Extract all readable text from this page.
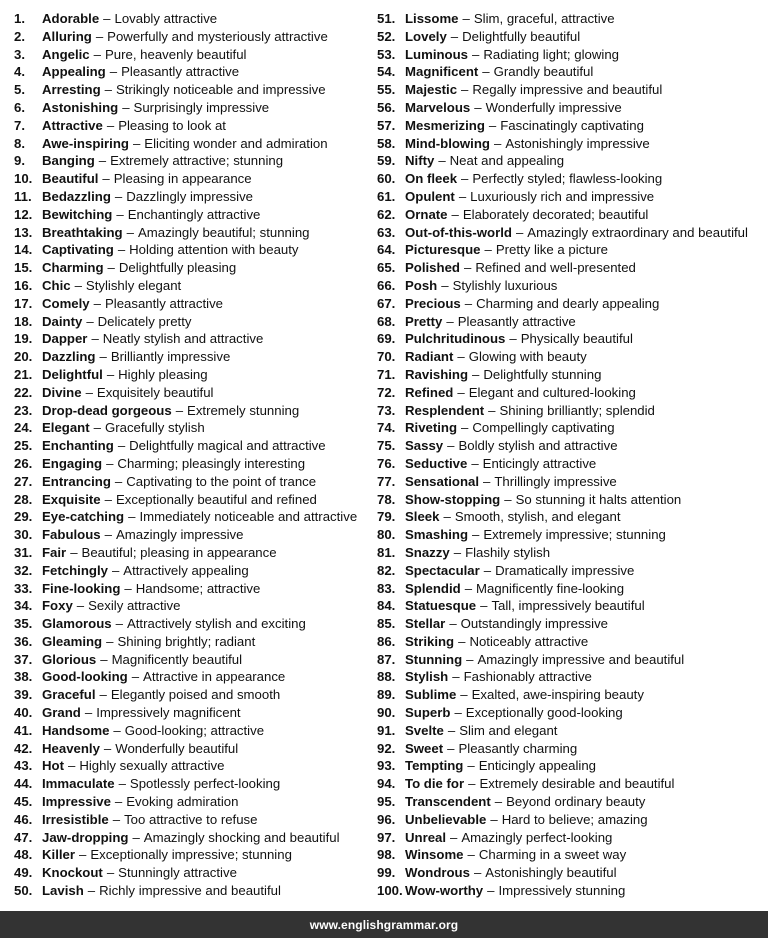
1.	Adorable – Lovably attractive
2.	Alluring – Powerfully and mysteriously attractive
3.	Angelic – Pure, heavenly beautiful
4.	Appealing – Pleasantly attractive
5.	Arresting – Strikingly noticeable and impressive
6.	Astonishing – Surprisingly impressive
7.	Attractive – Pleasing to look at
8.	Awe-inspiring – Eliciting wonder and admiration
9.	Banging – Extremely attractive; stunning
10. Beautiful – Pleasing in appearance
11. Bedazzling – Dazzlingly impressive
12. Bewitching – Enchantingly attractive
13. Breathtaking – Amazingly beautiful; stunning
14. Captivating – Holding attention with beauty
15. Charming – Delightfully pleasing
16. Chic – Stylishly elegant
17. Comely – Pleasantly attractive
18. Dainty – Delicately pretty
19. Dapper – Neatly stylish and attractive
20. Dazzling – Brilliantly impressive
21. Delightful – Highly pleasing
22. Divine – Exquisitely beautiful
23. Drop-dead gorgeous – Extremely stunning
24. Elegant – Gracefully stylish
25. Enchanting – Delightfully magical and attractive
26. Engaging – Charming; pleasingly interesting
27. Entrancing – Captivating to the point of trance
28. Exquisite – Exceptionally beautiful and refined
29. Eye-catching – Immediately noticeable and attractive
30. Fabulous – Amazingly impressive
31. Fair – Beautiful; pleasing in appearance
32. Fetchingly – Attractively appealing
33. Fine-looking – Handsome; attractive
34. Foxy – Sexily attractive
35. Glamorous – Attractively stylish and exciting
36. Gleaming – Shining brightly; radiant
37. Glorious – Magnificently beautiful
38. Good-looking – Attractive in appearance
39. Graceful – Elegantly poised and smooth
40. Grand – Impressively magnificent
41. Handsome – Good-looking; attractive
42. Heavenly – Wonderfully beautiful
43. Hot – Highly sexually attractive
44. Immaculate – Spotlessly perfect-looking
45. Impressive – Evoking admiration
46. Irresistible – Too attractive to refuse
47. Jaw-dropping – Amazingly shocking and beautiful
48. Killer – Exceptionally impressive; stunning
49. Knockout – Stunningly attractive
50. Lavish – Richly impressive and beautiful
51. Lissome – Slim, graceful, attractive
52. Lovely – Delightfully beautiful
53. Luminous – Radiating light; glowing
54. Magnificent – Grandly beautiful
55. Majestic – Regally impressive and beautiful
56. Marvelous – Wonderfully impressive
57. Mesmerizing – Fascinatingly captivating
58. Mind-blowing – Astonishingly impressive
59. Nifty – Neat and appealing
60. On fleek – Perfectly styled; flawless-looking
61. Opulent – Luxuriously rich and impressive
62. Ornate – Elaborately decorated; beautiful
63. Out-of-this-world – Amazingly extraordinary and beautiful
64. Picturesque – Pretty like a picture
65. Polished – Refined and well-presented
66. Posh – Stylishly luxurious
67. Precious – Charming and dearly appealing
68. Pretty – Pleasantly attractive
69. Pulchritudinous – Physically beautiful
70. Radiant – Glowing with beauty
71. Ravishing – Delightfully stunning
72. Refined – Elegant and cultured-looking
73. Resplendent – Shining brilliantly; splendid
74. Riveting – Compellingly captivating
75. Sassy – Boldly stylish and attractive
76. Seductive – Enticingly attractive
77. Sensational – Thrillingly impressive
78. Show-stopping – So stunning it halts attention
79. Sleek – Smooth, stylish, and elegant
80. Smashing – Extremely impressive; stunning
81. Snazzy – Flashily stylish
82. Spectacular – Dramatically impressive
83. Splendid – Magnificently fine-looking
84. Statuesque – Tall, impressively beautiful
85. Stellar – Outstandingly impressive
86. Striking – Noticeably attractive
87. Stunning – Amazingly impressive and beautiful
88. Stylish – Fashionably attractive
89. Sublime – Exalted, awe-inspiring beauty
90. Superb – Exceptionally good-looking
91. Svelte – Slim and elegant
92. Sweet – Pleasantly charming
93. Tempting – Enticingly appealing
94. To die for – Extremely desirable and beautiful
95. Transcendent – Beyond ordinary beauty
96. Unbelievable – Hard to believe; amazing
97. Unreal – Amazingly perfect-looking
98. Winsome – Charming in a sweet way
99. Wondrous – Astonishingly beautiful
100. Wow-worthy – Impressively stunning
www.englishgrammar.org
